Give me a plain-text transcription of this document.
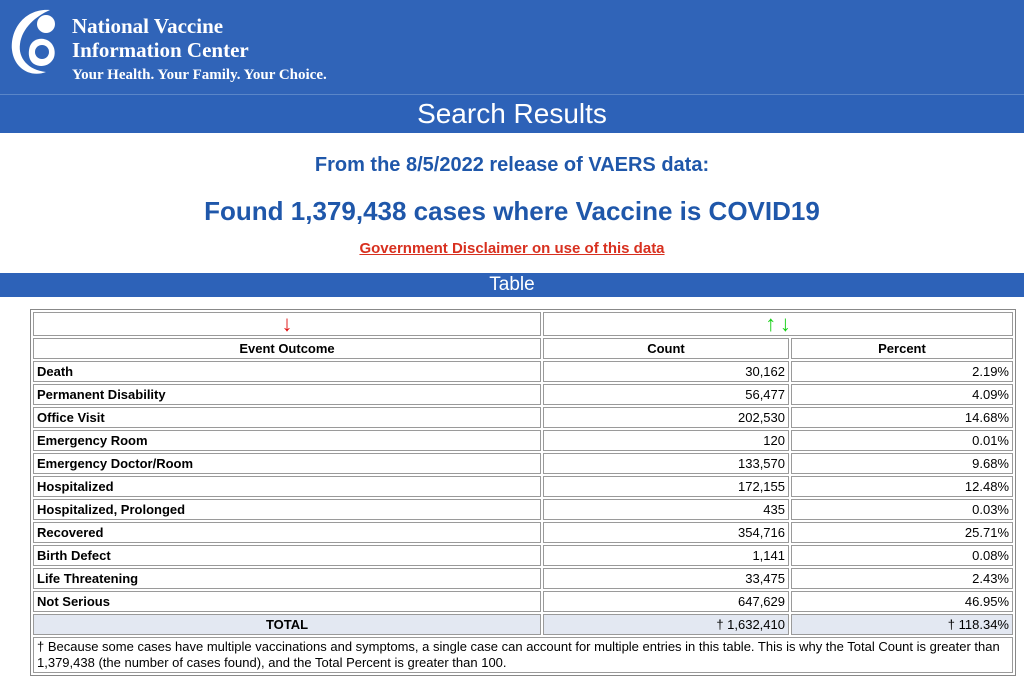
National Vaccine
Information Center
Your Health. Your Family. Your Choice.
Search Results
From the 8/5/2022 release of VAERS data:
Found 1,379,438 cases where Vaccine is COVID19
Government Disclaimer on use of this data
Table
↓	↑ ↓	
Event Outcome	Count	Percent
Death	30,162	2.19%
Permanent Disability	56,477	4.09%
Office Visit	202,530	14.68%
Emergency Room	120	0.01%
Emergency Doctor/Room	133,570	9.68%
Hospitalized	172,155	12.48%
Hospitalized, Prolonged	435	0.03%
Recovered	354,716	25.71%
Birth Defect	1,141	0.08%
Life Threatening	33,475	2.43%
Not Serious	647,629	46.95%
TOTAL	† 1,632,410	† 118.34%
† Because some cases have multiple vaccinations and symptoms, a single case can account for multiple entries in this table. This is why the Total Count is greater than 1,379,438 (the number of cases found), and the Total Percent is greater than 100.		
